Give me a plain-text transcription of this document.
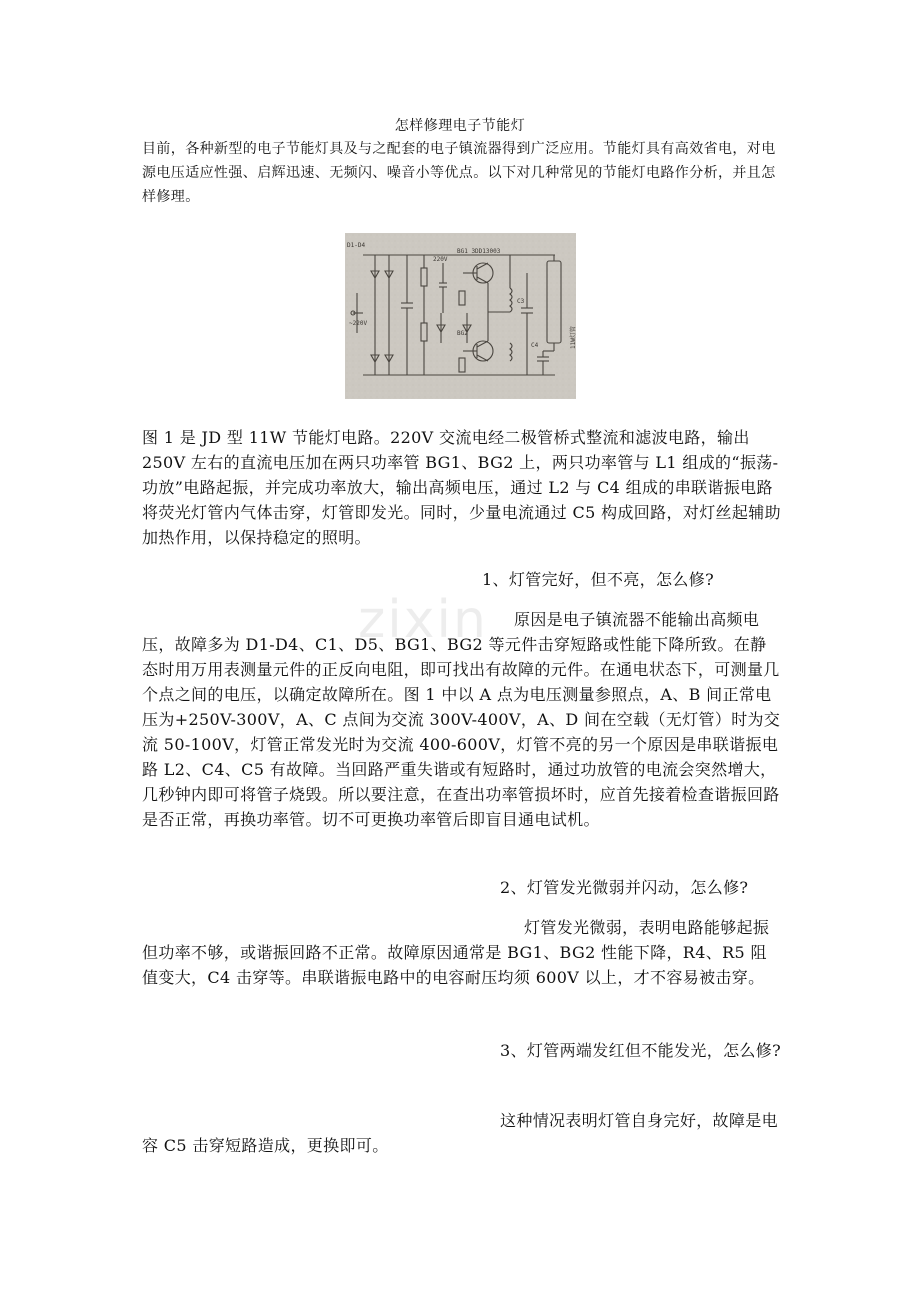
zixin
怎样修理电子节能灯

目前，各种新型的电子节能灯具及与之配套的电子镇流器得到广泛应用。节能灯具有高效省电，对电源电压适应性强、启辉迅速、无频闪、噪音小等优点。以下对几种常见的节能灯电路作分析，并且怎样修理。

D1-D4
~220V
BG1 3DD13003
BG2
C3
C4
220V
11W灯管

图 1 是 JD 型 11W 节能灯电路。220V 交流电经二极管桥式整流和滤波电路，输出 250V 左右的直流电压加在两只功率管 BG1、BG2 上，两只功率管与 L1 组成的“振荡-功放”电路起振，并完成功率放大，输出高频电压，通过 L2 与 C4 组成的串联谐振电路将荧光灯管内气体击穿，灯管即发光。同时，少量电流通过 C5 构成回路，对灯丝起辅助加热作用，以保持稳定的照明。

1、灯管完好，但不亮，怎么修?

原因是电子镇流器不能输出高频电压，故障多为 D1-D4、C1、D5、BG1、BG2 等元件击穿短路或性能下降所致。在静态时用万用表测量元件的正反向电阻，即可找出有故障的元件。在通电状态下，可测量几个点之间的电压，以确定故障所在。图 1 中以 A 点为电压测量参照点，A、B 间正常电压为+250V-300V，A、C 点间为交流 300V-400V，A、D 间在空载（无灯管）时为交流 50-100V，灯管正常发光时为交流 400-600V，灯管不亮的另一个原因是串联谐振电路 L2、C4、C5 有故障。当回路严重失谐或有短路时，通过功放管的电流会突然增大，几秒钟内即可将管子烧毁。所以要注意，在查出功率管损坏时，应首先接着检查谐振回路是否正常，再换功率管。切不可更换功率管后即盲目通电试机。

2、灯管发光微弱并闪动，怎么修?

灯管发光微弱，表明电路能够起振但功率不够，或谐振回路不正常。故障原因通常是 BG1、BG2 性能下降，R4、R5 阻值变大，C4 击穿等。串联谐振电路中的电容耐压均须 600V 以上，才不容易被击穿。

3、灯管两端发红但不能发光，怎么修?

这种情况表明灯管自身完好，故障是电容 C5 击穿短路造成，更换即可。
